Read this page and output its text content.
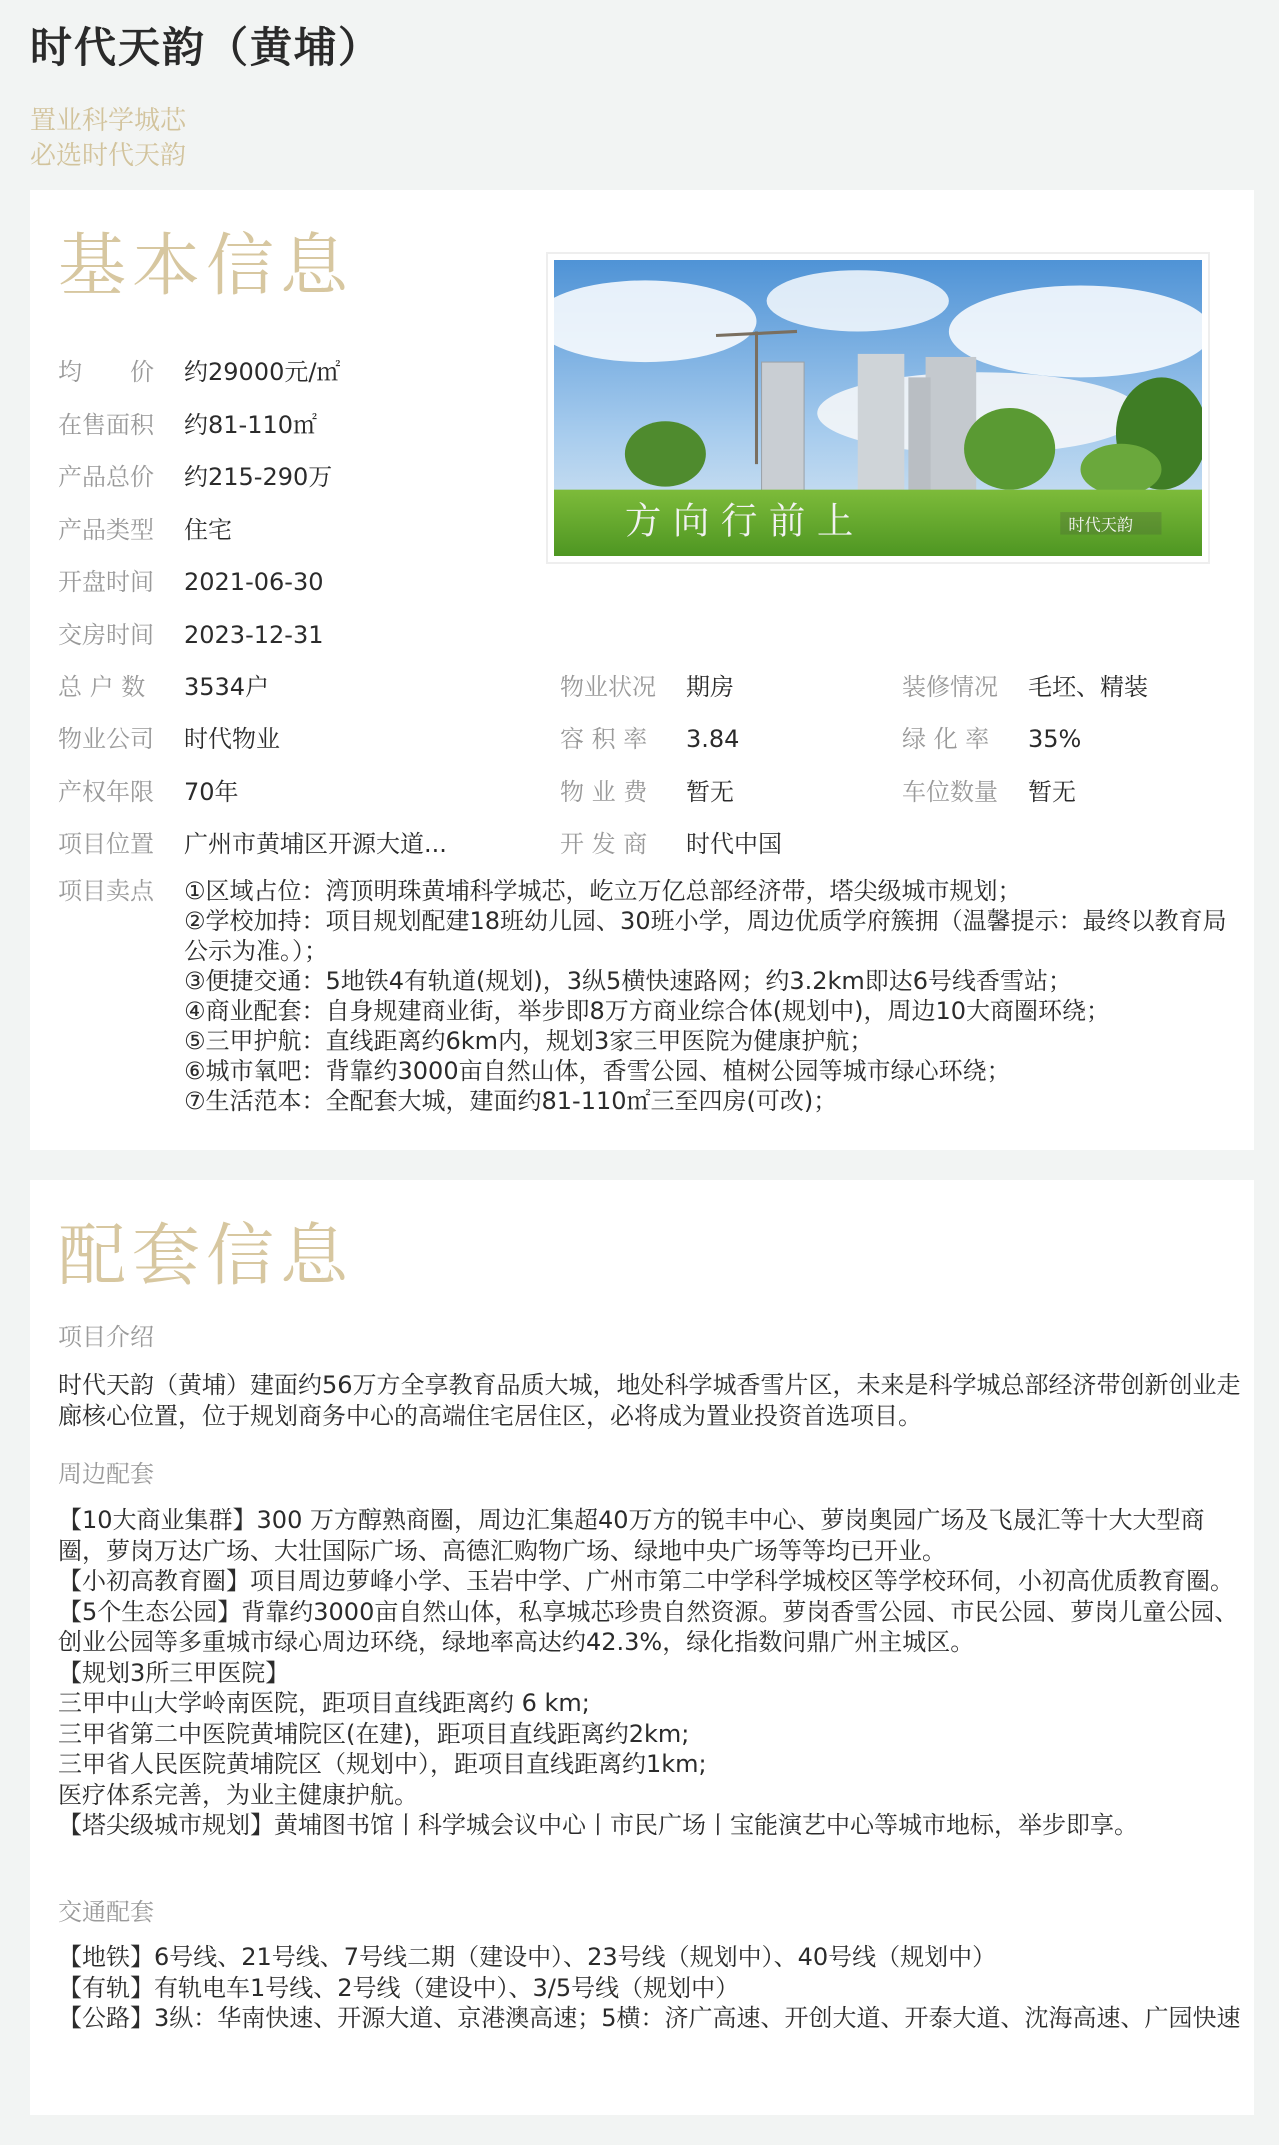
时代天韵（黄埔）
置业科学城芯
必选时代天韵
基本信息
方 向 行 前 上	时代天韵
均　　价 约29000元/㎡
在售面积 约81-110㎡
产品总价 约215-290万
产品类型 住宅
开盘时间 2021-06-30
交房时间 2023-12-31
总 户 数 3534户
物业公司 时代物业
产权年限 70年
项目位置 广州市黄埔区开源大道...
物业状况 期房
容 积 率 3.84
物 业 费 暂无
开 发 商 时代中国
装修情况 毛坯、精装
绿 化 率 35%
车位数量 暂无
项目卖点	①区域占位：湾顶明珠黄埔科学城芯，屹立万亿总部经济带，塔尖级城市规划；
②学校加持：项目规划配建18班幼儿园、30班小学，周边优质学府簇拥（温馨提示：最终以教育局公示为准。）；
③便捷交通：5地铁4有轨道(规划)，3纵5横快速路网；约3.2km即达6号线香雪站；
④商业配套：自身规建商业街，举步即8万方商业综合体(规划中)，周边10大商圈环绕；
⑤三甲护航：直线距离约6km内，规划3家三甲医院为健康护航；
⑥城市氧吧：背靠约3000亩自然山体，香雪公园、植树公园等城市绿心环绕；
⑦生活范本：全配套大城，建面约81-110㎡三至四房(可改)；
配套信息
项目介绍
时代天韵（黄埔）建面约56万方全享教育品质大城，地处科学城香雪片区，未来是科学城总部经济带创新创业走廊核心位置，位于规划商务中心的高端住宅居住区，必将成为置业投资首选项目。
周边配套
【10大商业集群】300 万方醇熟商圈，周边汇集超40万方的锐丰中心、萝岗奥园广场及飞晟汇等十大大型商圈，萝岗万达广场、大壮国际广场、高德汇购物广场、绿地中央广场等等均已开业。
【小初高教育圈】项目周边萝峰小学、玉岩中学、广州市第二中学科学城校区等学校环伺，小初高优质教育圈。
【5个生态公园】背靠约3000亩自然山体，私享城芯珍贵自然资源。萝岗香雪公园、市民公园、萝岗儿童公园、创业公园等多重城市绿心周边环绕，绿地率高达约42.3%，绿化指数问鼎广州主城区。
【规划3所三甲医院】
三甲中山大学岭南医院，距项目直线距离约 6 km;
三甲省第二中医院黄埔院区(在建)，距项目直线距离约2km;
三甲省人民医院黄埔院区（规划中），距项目直线距离约1km;
医疗体系完善，为业主健康护航。
【塔尖级城市规划】黄埔图书馆丨科学城会议中心丨市民广场丨宝能演艺中心等城市地标，举步即享。
交通配套
【地铁】6号线、21号线、7号线二期（建设中）、23号线（规划中）、40号线（规划中）
【有轨】有轨电车1号线、2号线（建设中）、3/5号线（规划中）
【公路】3纵：华南快速、开源大道、京港澳高速；5横：济广高速、开创大道、开泰大道、沈海高速、广园快速
